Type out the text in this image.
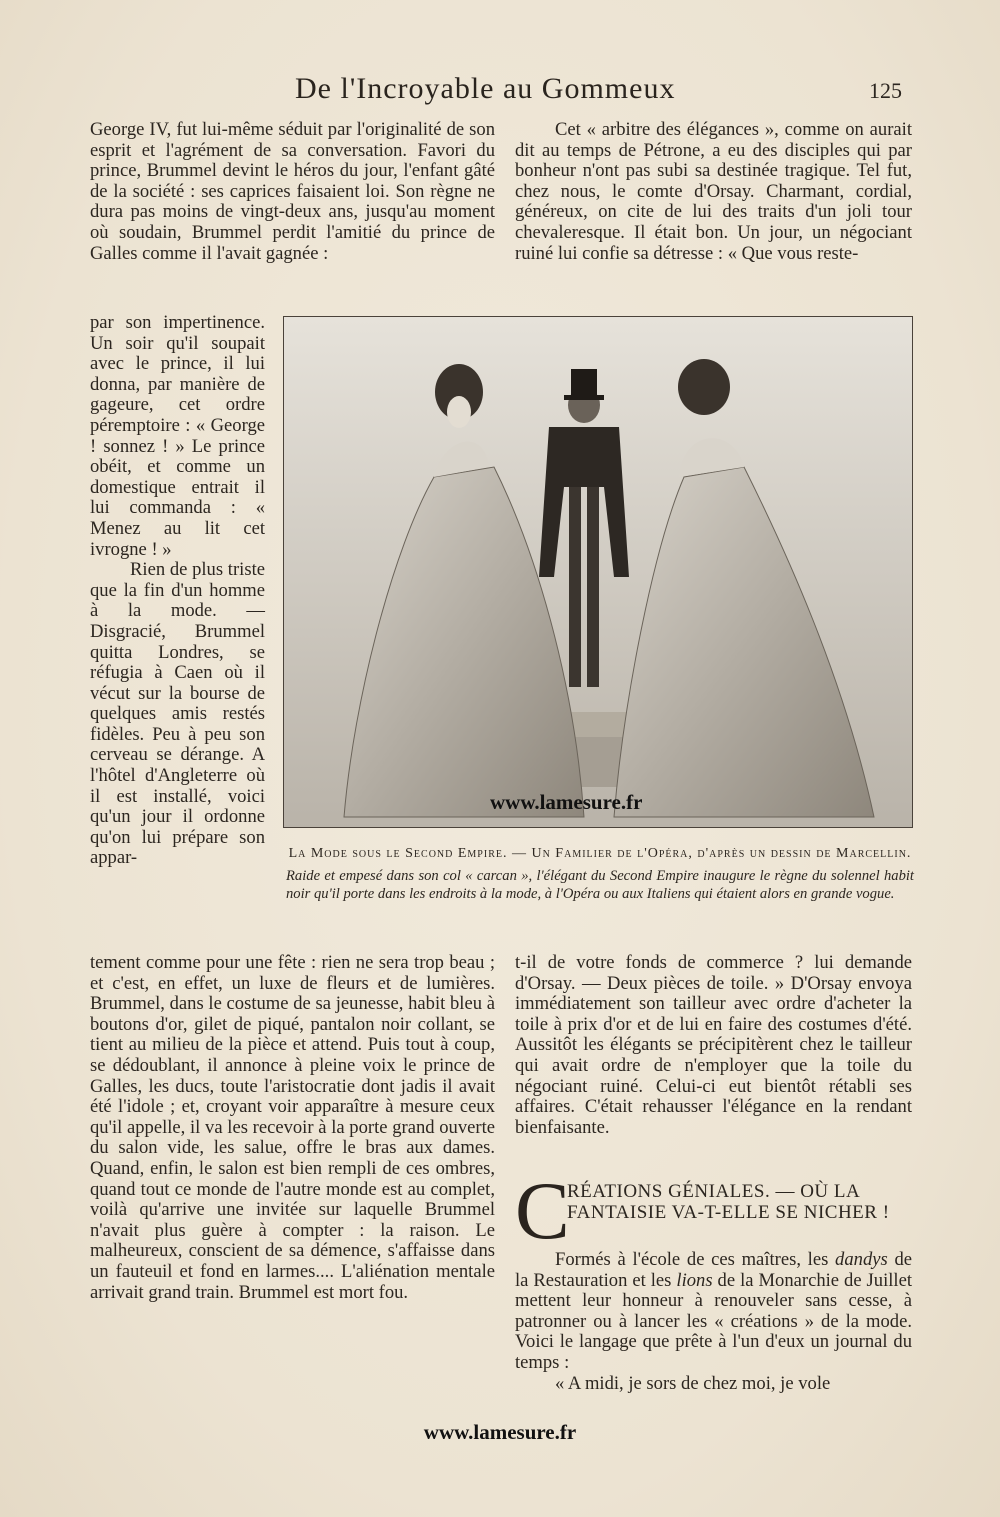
De l'Incroyable au Gommeux	125

George IV, fut lui-même séduit par l'originalité de son esprit et l'agrément de sa conversation. Favori du prince, Brummel devint le héros du jour, l'enfant gâté de la société : ses caprices faisaient loi. Son règne ne dura pas moins de vingt-deux ans, jusqu'au moment où soudain, Brummel perdit l'amitié du prince de Galles comme il l'avait gagnée :

Cet « arbitre des élégances », comme on aurait dit au temps de Pétrone, a eu des disciples qui par bonheur n'ont pas subi sa destinée tragique. Tel fut, chez nous, le comte d'Orsay. Charmant, cordial, généreux, on cite de lui des traits d'un joli tour chevaleresque. Il était bon. Un jour, un négociant ruiné lui confie sa détresse : « Que vous reste-

par son impertinence. Un soir qu'il soupait avec le prince, il lui donna, par manière de gageure, cet ordre péremptoire : « George ! sonnez ! » Le prince obéit, et comme un domestique entrait il lui commanda : « Menez au lit cet ivrogne ! »

Rien de plus triste que la fin d'un homme à la mode. — Disgracié, Brummel quitta Londres, se réfugia à Caen où il vécut sur la bourse de quelques amis restés fidèles. Peu à peu son cerveau se dérange. A l'hôtel d'Angleterre où il est installé, voici qu'un jour il ordonne qu'on lui prépare son appar-

www.lamesure.fr

La Mode sous le Second Empire. — Un Familier de l'Opéra, d'après un dessin de Marcellin.

Raide et empesé dans son col « carcan », l'élégant du Second Empire inaugure le règne du solennel habit noir qu'il porte dans les endroits à la mode, à l'Opéra ou aux Italiens qui étaient alors en grande vogue.

tement comme pour une fête : rien ne sera trop beau ; et c'est, en effet, un luxe de fleurs et de lumières. Brummel, dans le costume de sa jeunesse, habit bleu à boutons d'or, gilet de piqué, pantalon noir collant, se tient au milieu de la pièce et attend. Puis tout à coup, se dédoublant, il annonce à pleine voix le prince de Galles, les ducs, toute l'aristocratie dont jadis il avait été l'idole ; et, croyant voir apparaître à mesure ceux qu'il appelle, il va les recevoir à la porte grand ouverte du salon vide, les salue, offre le bras aux dames. Quand, enfin, le salon est bien rempli de ces ombres, quand tout ce monde de l'autre monde est au complet, voilà qu'arrive une invitée sur laquelle Brummel n'avait plus guère à compter : la raison. Le malheureux, conscient de sa démence, s'affaisse dans un fauteuil et fond en larmes.... L'aliénation mentale arrivait grand train. Brummel est mort fou.

t-il de votre fonds de commerce ? lui demande d'Orsay. — Deux pièces de toile. » D'Orsay envoya immédiatement son tailleur avec ordre d'acheter la toile à prix d'or et de lui en faire des costumes d'été. Aussitôt les élégants se précipitèrent chez le tailleur qui avait ordre de n'employer que la toile du négociant ruiné. Celui-ci eut bientôt rétabli ses affaires. C'était rehausser l'élégance en la rendant bienfaisante.

C
RÉATIONS GÉNIALES. — OÙ LA FANTAISIE VA-T-ELLE SE NICHER !

Formés à l'école de ces maîtres, les dandys de la Restauration et les lions de la Monarchie de Juillet mettent leur honneur à renouveler sans cesse, à patronner ou à lancer les « créations » de la mode. Voici le langage que prête à l'un d'eux un journal du temps :

« A midi, je sors de chez moi, je vole

www.lamesure.fr
